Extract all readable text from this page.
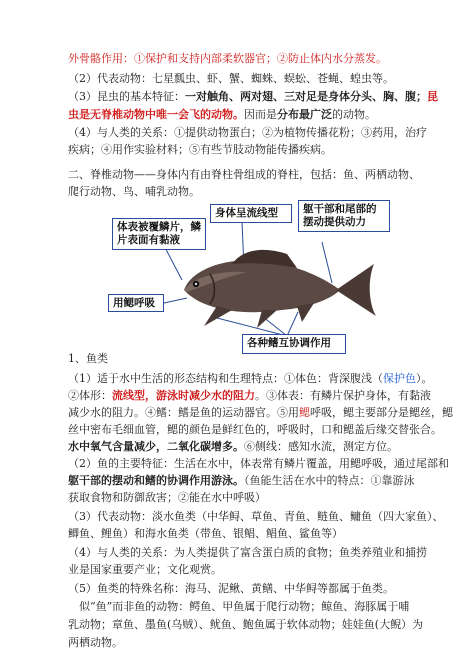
外骨骼作用：①保护和支持内部柔软器官；②防止体内水分蒸发。
（2）代表动物：七星瓢虫、虾、蟹、蜘蛛、蜈蚣、苍蝇、蝗虫等。
（3）昆虫的基本特征：一对触角、两对翅、三对足是身体分头、胸、腹；昆
虫是无脊椎动物中唯一会飞的动物。因而是分布最广泛的动物。
（4）与人类的关系：①提供动物蛋白；②为植物传播花粉；③药用，治疗
疾病；④用作实验材料；⑤有些节肢动物能传播疾病。
二、脊椎动物——身体内有由脊柱骨组成的脊柱，包括：鱼、两栖动物、
爬行动物、鸟、哺乳动物。
身体呈流线型	躯干部和尾部的摆动提供动力
体表被覆鳞片，鳞片表面有黏液
用鳃呼吸
各种鳍互协调作用
1、鱼类
（1）适于水中生活的形态结构和生理特点：①体色：背深腹浅（保护色）。
②体形：流线型，游泳时减少水的阻力。③体表：有鳞片保护身体，有黏液
减少水的阻力。④鳍：鳍是鱼的运动器官。⑤用鳃呼吸，鳃主要部分是鳃丝，鳃
丝中密布毛细血管，鳃的颜色是鲜红色的，呼吸时，口和鳃盖后缘交替张合。
水中氧气含量减少，二氧化碳增多。⑥侧线：感知水流，测定方位。
（2）鱼的主要特征：生活在水中，体表常有鳞片覆盖，用鳃呼吸，通过尾部和
躯干部的摆动和鳍的协调作用游泳。（鱼能生活在水中的特点：①靠游泳
获取食物和防御敌害；②能在水中呼吸）
（3）代表动物：淡水鱼类（中华鲟、草鱼、青鱼、鲢鱼、鳙鱼（四大家鱼）、
鲫鱼、鲤鱼）和海水鱼类（带鱼、银鲳、鲳鱼、鲨鱼等）
（4）与人类的关系：为人类提供了富含蛋白质的食物；鱼类养殖业和捕捞
业是国家重要产业；文化观赏。
（5）鱼类的特殊名称：海马、泥鳅、黄鳝、中华鲟等都属于鱼类。
　似“鱼”而非鱼的动物：鳄鱼、甲鱼属于爬行动物；鲸鱼、海豚属于哺
乳动物；章鱼、墨鱼(乌贼）、鱿鱼、鲍鱼属于软体动物；娃娃鱼(大鲵）为
两栖动物。
